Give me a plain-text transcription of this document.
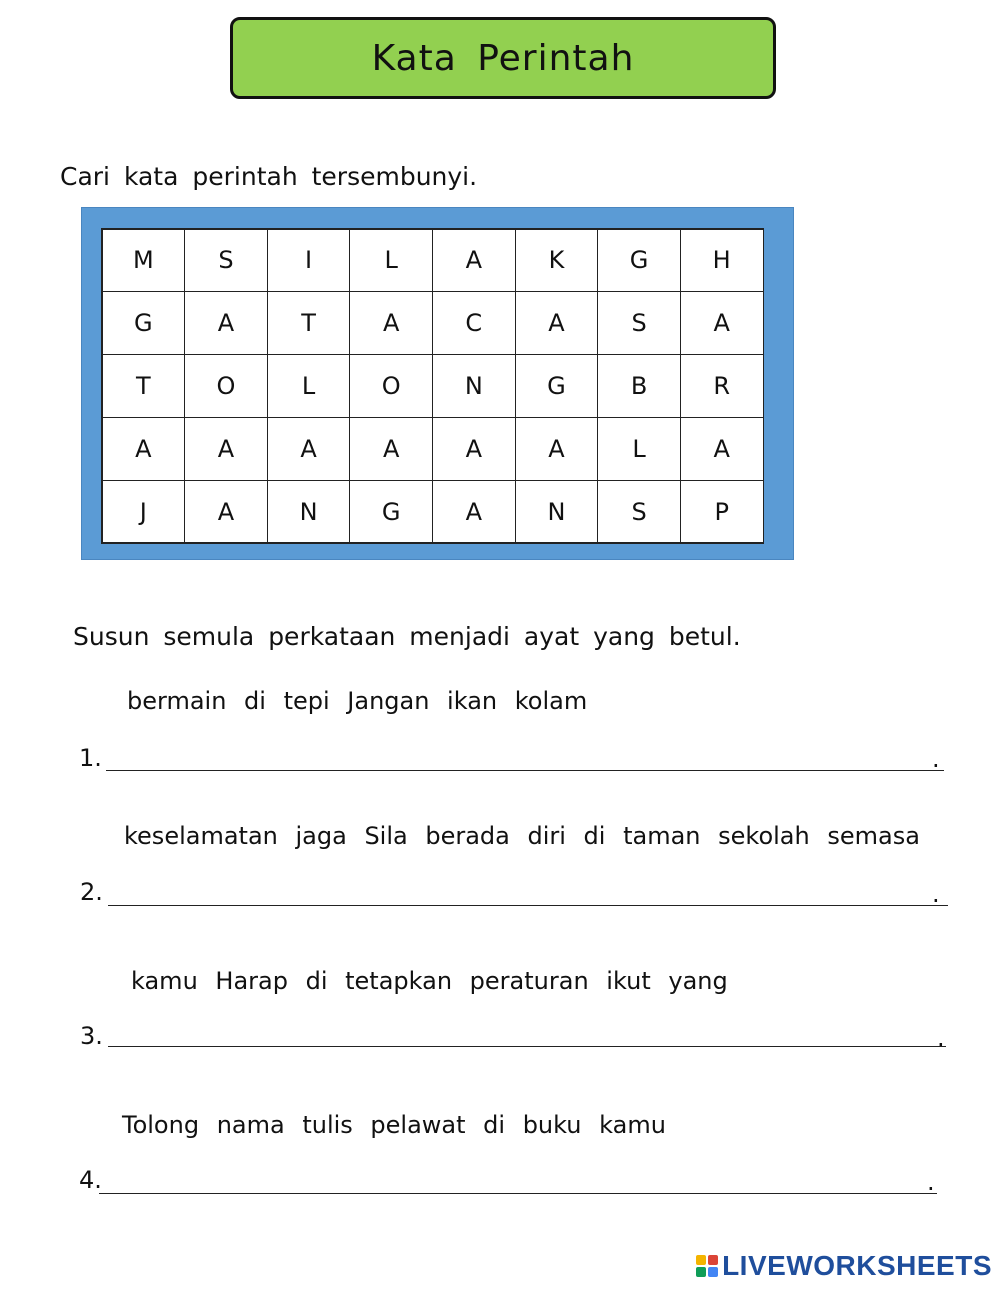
Kata Perintah
Cari kata perintah tersembunyi.
M	S	I	L	A	K	G	H
G	A	T	A	C	A	S	A
T	O	L	O	N	G	B	R
A	A	A	A	A	A	L	A
J	A	N	G	A	N	S	P
Susun semula perkataan menjadi ayat yang betul.
bermain di tepi Jangan ikan kolam
1.	.
keselamatan jaga Sila berada diri di taman sekolah semasa
2.	.
kamu Harap di tetapkan peraturan ikut yang
3.	.
Tolong nama tulis pelawat di buku kamu
4.	.
LIVEWORKSHEETS
